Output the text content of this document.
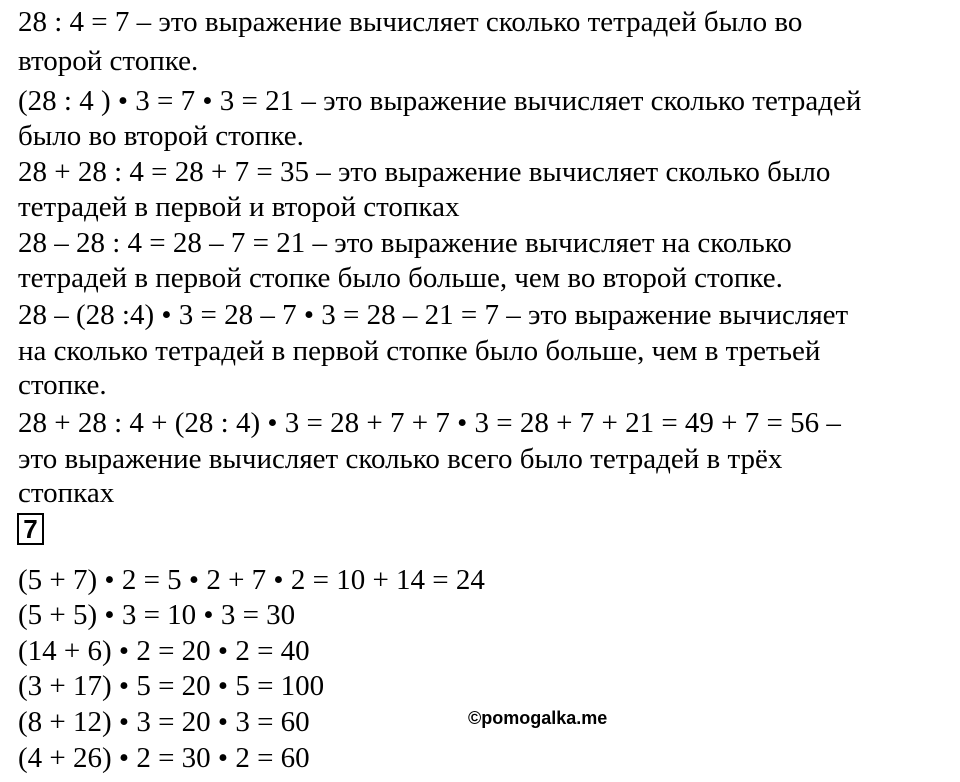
28 : 4 = 7 – это выражение вычисляет сколько тетрадей было во
второй стопке.
(28 : 4 ) • 3 = 7 • 3 = 21 – это выражение вычисляет сколько тетрадей
было во второй стопке.
28 + 28 : 4 = 28 + 7 = 35 – это выражение вычисляет сколько было
тетрадей в первой и второй стопках
28 – 28 : 4 = 28 – 7 = 21 – это выражение вычисляет на сколько
тетрадей в первой стопке было больше, чем во второй стопке.
28 – (28 :4) • 3 = 28 – 7 • 3 = 28 – 21 = 7 – это выражение вычисляет
на сколько тетрадей в первой стопке было больше, чем в третьей
стопке.
28 + 28 : 4 + (28 : 4) • 3 = 28 + 7 + 7 • 3 = 28 + 7 + 21 = 49 + 7 = 56 –
это выражение вычисляет сколько всего было тетрадей в трёх
стопках
7
(5 + 7) • 2 = 5 • 2 + 7 • 2 = 10 + 14 = 24
(5 + 5) • 3 = 10 • 3 = 30
(14 + 6) • 2 = 20 • 2 = 40
(3 + 17) • 5 = 20 • 5 = 100
(8 + 12) • 3 = 20 • 3 = 60
(4 + 26) • 2 = 30 • 2 = 60
©pomogalka.me
